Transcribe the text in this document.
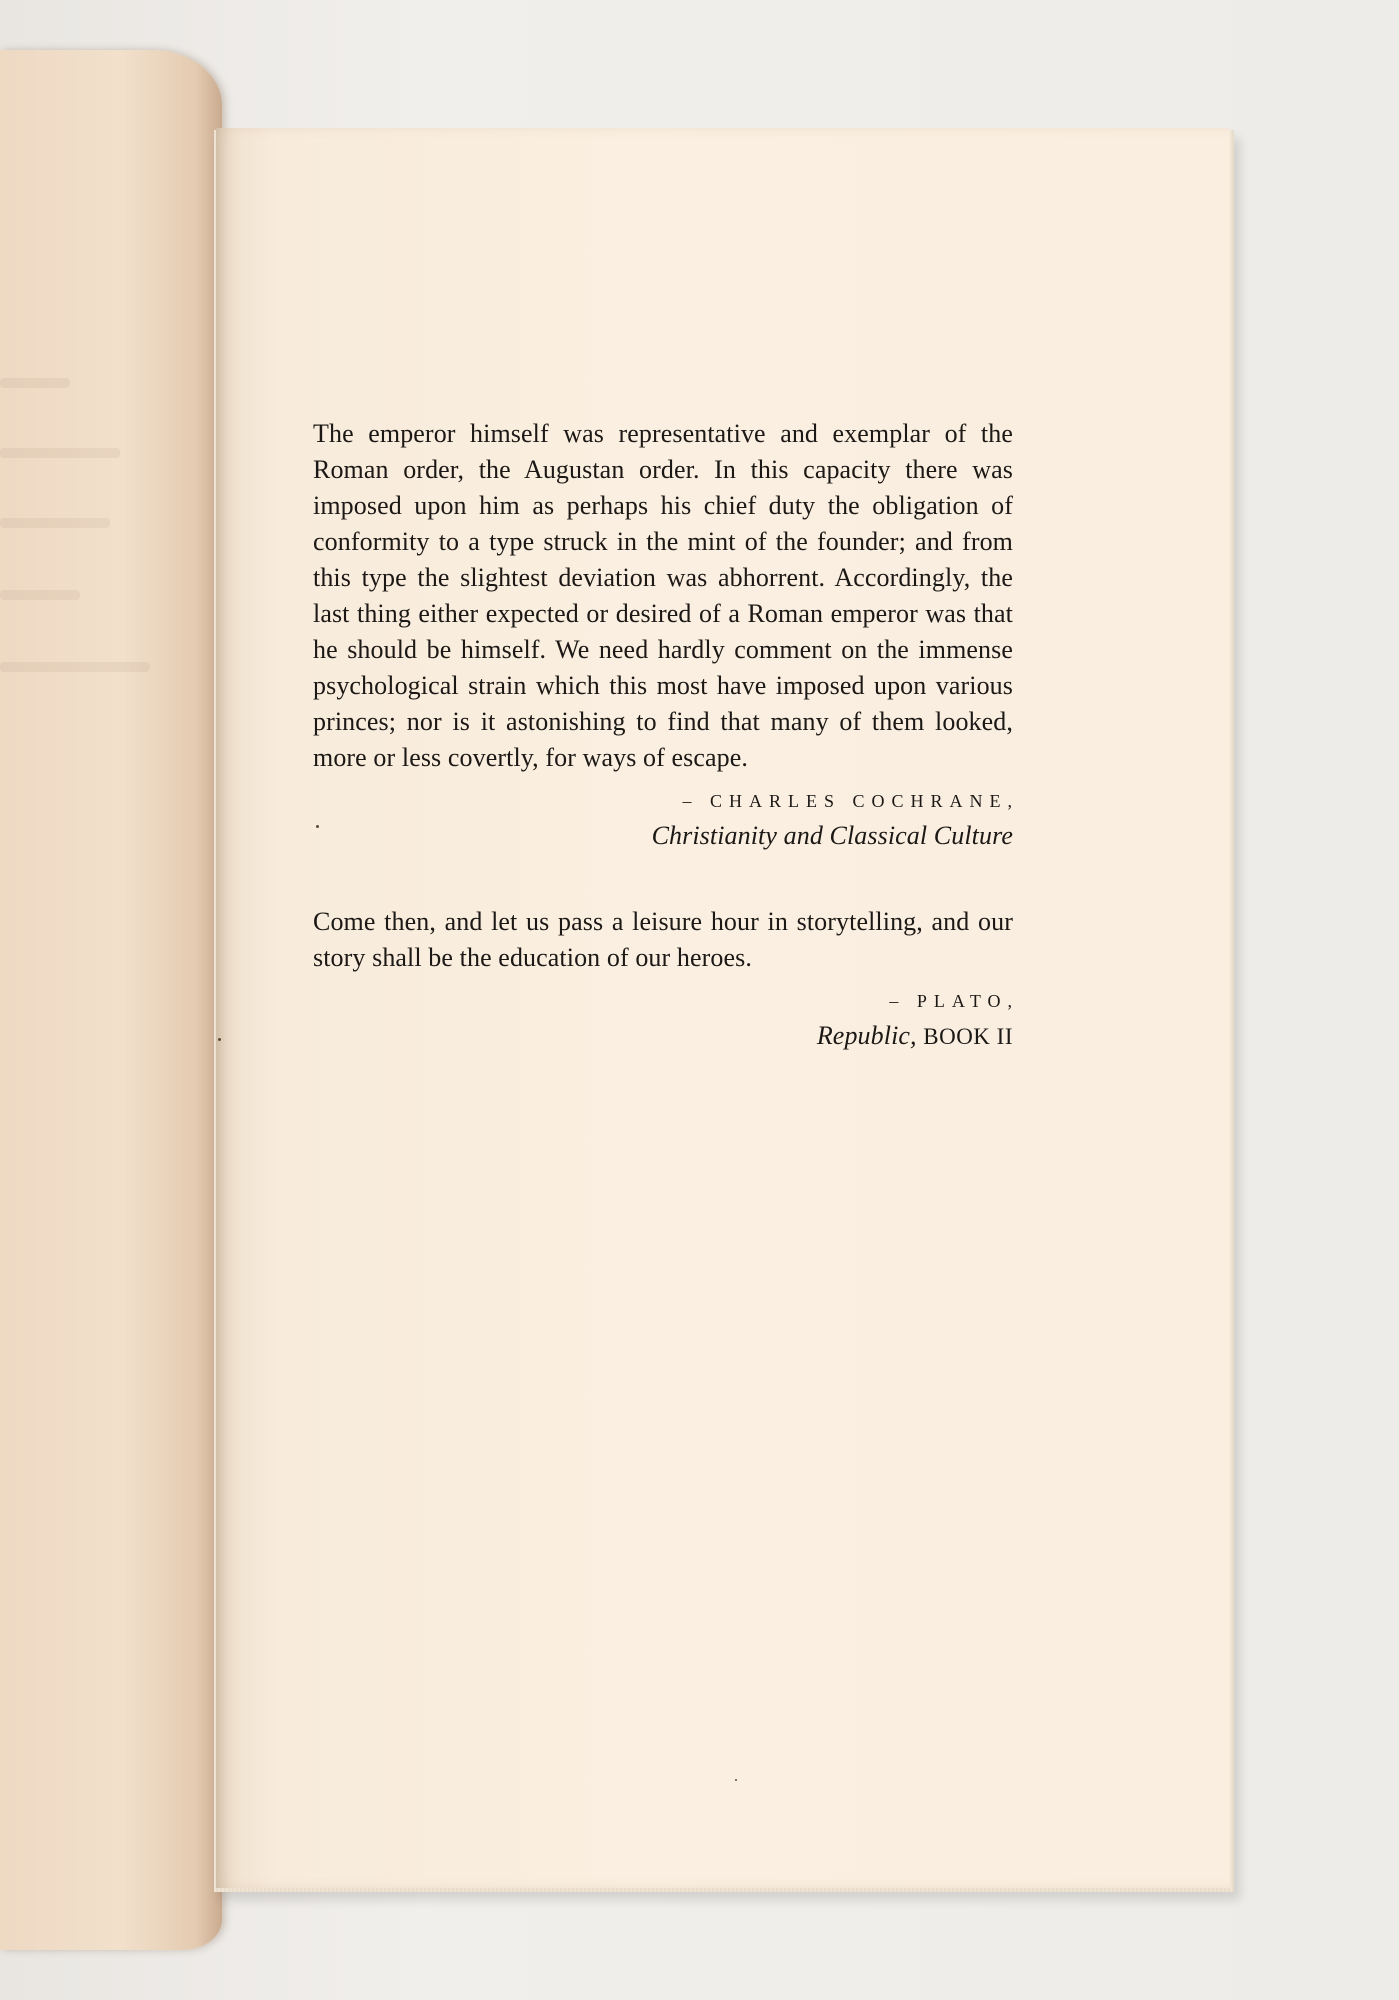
The emperor himself was representative and exemplar of the Roman order, the Augustan order. In this capacity there was imposed upon him as perhaps his chief duty the obligation of conformity to a type struck in the mint of the founder; and from this type the slightest deviation was abhorrent. Accordingly, the last thing either expected or desired of a Roman emperor was that he should be himself. We need hardly comment on the immense psychological strain which this most have imposed upon various princes; nor is it astonishing to find that many of them looked, more or less covertly, for ways of escape.

– CHARLES COCHRANE,
Christianity and Classical Culture

Come then, and let us pass a leisure hour in storytelling, and our story shall be the education of our heroes.

– PLATO,
Republic, BOOK II
